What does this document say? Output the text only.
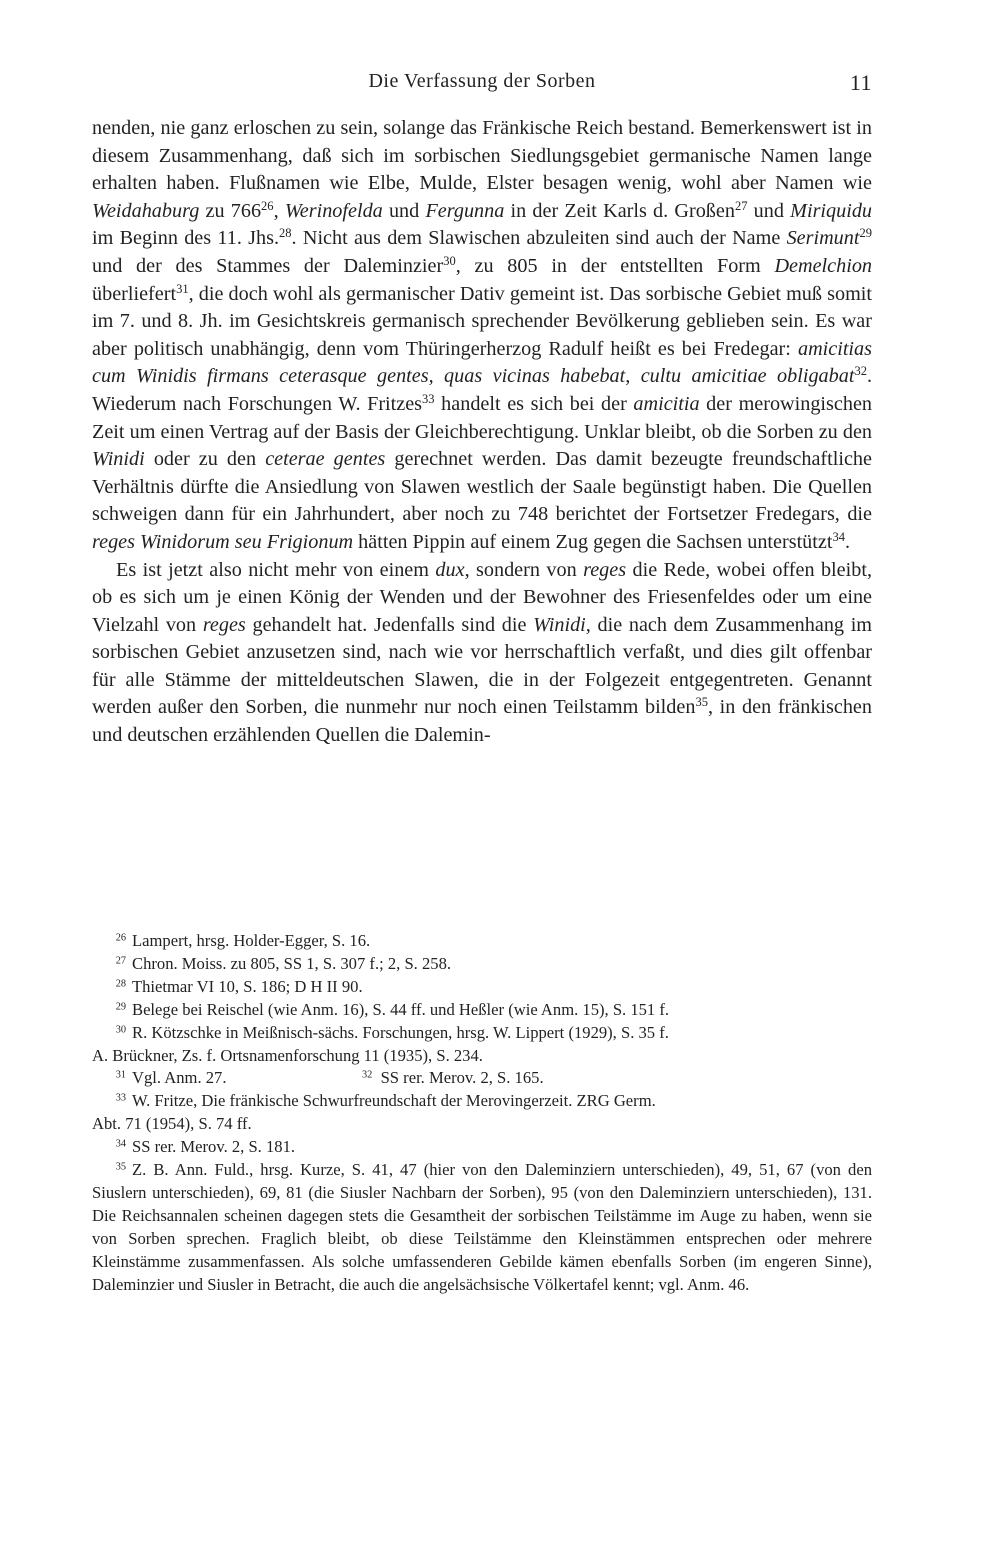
Die Verfassung der Sorben	11

nenden, nie ganz erloschen zu sein, solange das Fränkische Reich bestand. Bemerkenswert ist in diesem Zusammenhang, daß sich im sorbischen Siedlungsgebiet germanische Namen lange erhalten haben. Flußnamen wie Elbe, Mulde, Elster besagen wenig, wohl aber Namen wie Weidahaburg zu $766^{26}$, Werinofelda und Fergunna in der Zeit Karls d. Großen$^{27}$ und Miriquidu im Beginn des 11. Jhs.$^{28}$. Nicht aus dem Slawischen abzuleiten sind auch der Name Serimunt$^{29}$ und der des Stammes der Daleminzier$^{30}$, zu 805 in der entstellten Form Demelchion überliefert$^{31}$, die doch wohl als germanischer Dativ gemeint ist. Das sorbische Gebiet muß somit im 7. und 8. Jh. im Gesichtskreis germanisch sprechender Bevölkerung geblieben sein. Es war aber politisch unabhängig, denn vom Thüringerherzog Radulf heißt es bei Fredegar: amicitias cum Winidis firmans ceterasque gentes, quas vicinas habebat, cultu amicitiae obligabat$^{32}$. Wiederum nach Forschungen W. Fritzes$^{33}$ handelt es sich bei der amicitia der merowingischen Zeit um einen Vertrag auf der Basis der Gleichberechtigung. Unklar bleibt, ob die Sorben zu den Winidi oder zu den ceterae gentes gerechnet werden. Das damit bezeugte freundschaftliche Verhältnis dürfte die Ansiedlung von Slawen westlich der Saale begünstigt haben. Die Quellen schweigen dann für ein Jahrhundert, aber noch zu 748 berichtet der Fortsetzer Fredegars, die reges Winidorum seu Frigionum hätten Pippin auf einem Zug gegen die Sachsen unterstützt$^{34}$.

Es ist jetzt also nicht mehr von einem dux, sondern von reges die Rede, wobei offen bleibt, ob es sich um je einen König der Wenden und der Bewohner des Friesenfeldes oder um eine Vielzahl von reges gehandelt hat. Jedenfalls sind die Winidi, die nach dem Zusammenhang im sorbischen Gebiet anzusetzen sind, nach wie vor herrschaftlich verfaßt, und dies gilt offenbar für alle Stämme der mitteldeutschen Slawen, die in der Folgezeit entgegentreten. Genannt werden außer den Sorben, die nunmehr nur noch einen Teilstamm bilden$^{35}$, in den fränkischen und deutschen erzählenden Quellen die Dalemin-

$^{26}$ Lampert, hrsg. Holder-Egger, S. 16.

$^{27}$ Chron. Moiss. zu 805, SS 1, S. 307 f.; 2, S. 258.

$^{28}$ Thietmar VI 10, S. 186; D H II 90.

$^{29}$ Belege bei Reischel (wie Anm. 16), S. 44 ff. und Heßler (wie Anm. 15), S. 151 f.

$^{30}$ R. Kötzschke in Meißnisch-sächs. Forschungen, hrsg. W. Lippert (1929), S. 35 f.

A. Brückner, Zs. f. Ortsnamenforschung 11 (1935), S. 234.

$^{31}$ Vgl. Anm. 27.	$^{32}$ SS rer. Merov. 2, S. 165.

$^{33}$ W. Fritze, Die fränkische Schwurfreundschaft der Merovingerzeit. ZRG Germ.

Abt. 71 (1954), S. 74 ff.

$^{34}$ SS rer. Merov. 2, S. 181.

$^{35}$ Z. B. Ann. Fuld., hrsg. Kurze, S. 41, 47 (hier von den Daleminziern unterschieden), 49, 51, 67 (von den Siuslern unterschieden), 69, 81 (die Siusler Nachbarn der Sorben), 95 (von den Daleminziern unterschieden), 131. Die Reichsannalen scheinen dagegen stets die Gesamtheit der sorbischen Teilstämme im Auge zu haben, wenn sie von Sorben sprechen. Fraglich bleibt, ob diese Teilstämme den Kleinstämmen entsprechen oder mehrere Kleinstämme zusammenfassen. Als solche umfassenderen Gebilde kämen ebenfalls Sorben (im engeren Sinne), Daleminzier und Siusler in Betracht, die auch die angelsächsische Völkertafel kennt; vgl. Anm. 46.
